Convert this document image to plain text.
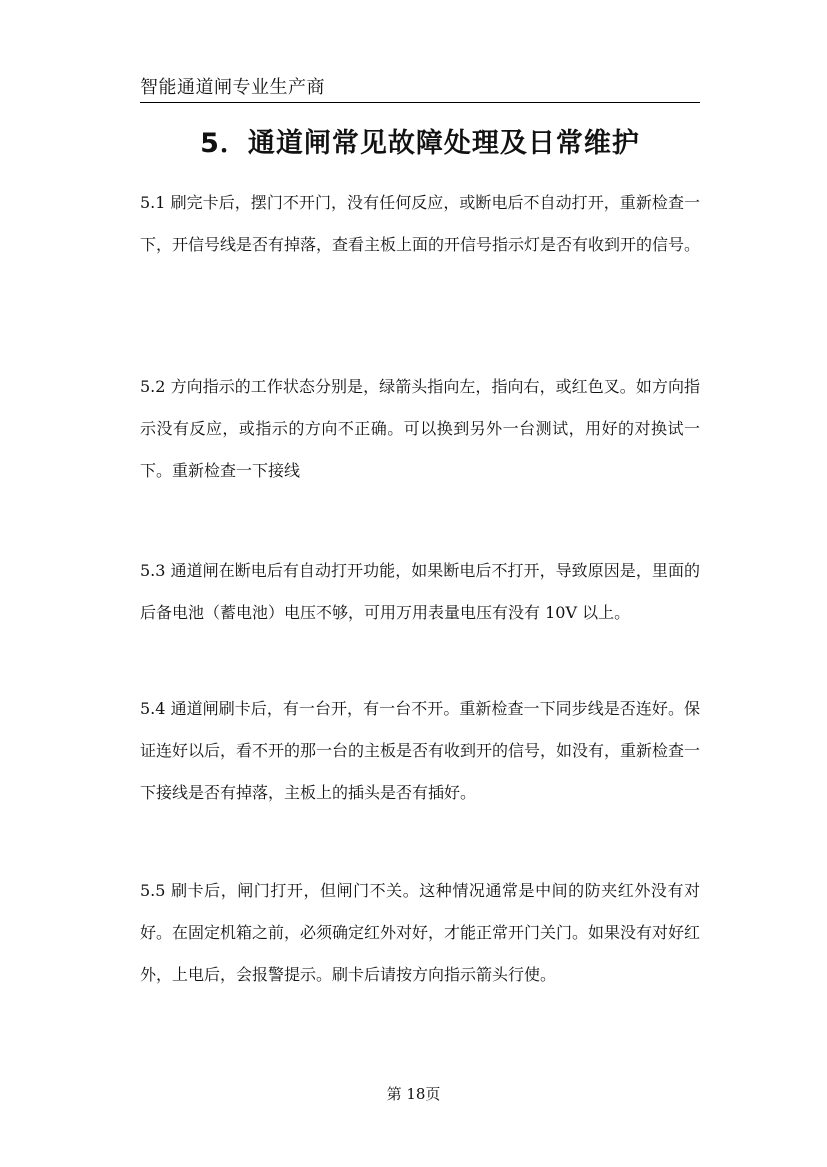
智能通道闸专业生产商
5．通道闸常见故障处理及日常维护
5.1 刷完卡后，摆门不开门，没有任何反应，或断电后不自动打开，重新检查一下，开信号线是否有掉落，查看主板上面的开信号指示灯是否有收到开的信号。
5.2 方向指示的工作状态分别是，绿箭头指向左，指向右，或红色叉。如方向指示没有反应，或指示的方向不正确。可以换到另外一台测试，用好的对换试一下。重新检查一下接线
5.3 通道闸在断电后有自动打开功能，如果断电后不打开，导致原因是，里面的后备电池（蓄电池）电压不够，可用万用表量电压有没有 10V 以上。
5.4 通道闸刷卡后，有一台开，有一台不开。重新检查一下同步线是否连好。保证连好以后，看不开的那一台的主板是否有收到开的信号，如没有，重新检查一下接线是否有掉落，主板上的插头是否有插好。
5.5 刷卡后，闸门打开，但闸门不关。这种情况通常是中间的防夹红外没有对好。在固定机箱之前，必须确定红外对好，才能正常开门关门。如果没有对好红外，上电后，会报警提示。刷卡后请按方向指示箭头行使。
第 18页
